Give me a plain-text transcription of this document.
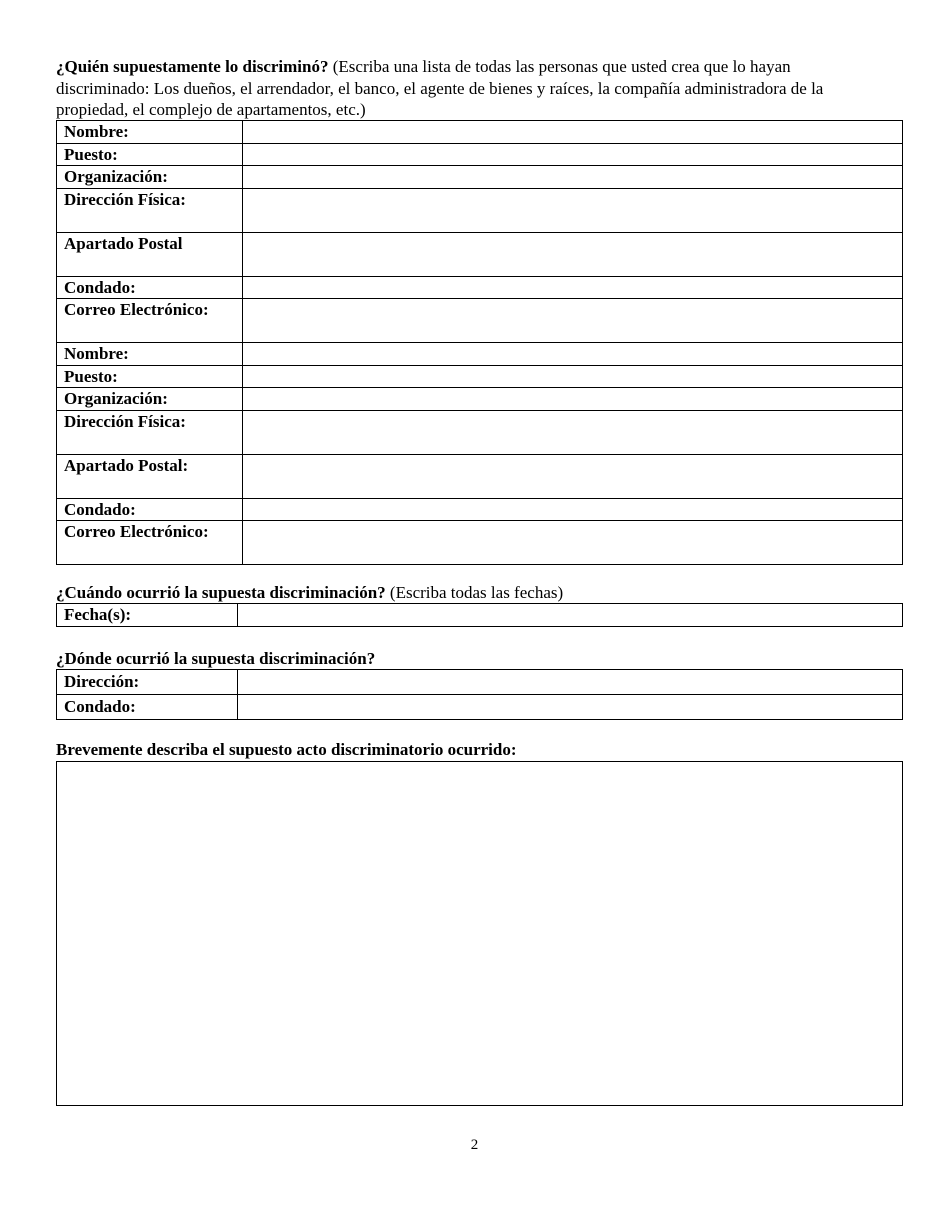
¿Quién supuestamente lo discriminó? (Escriba una lista de todas las personas que usted crea que lo hayan discriminado: Los dueños, el arrendador, el banco, el agente de bienes y raíces, la compañía administradora de la propiedad, el complejo de apartamentos, etc.)

Nombre:	
Puesto:	
Organización:	
Dirección Física:	
Apartado Postal	
Condado:	
Correo Electrónico:	
Nombre:	
Puesto:	
Organización:	
Dirección Física:	
Apartado Postal:	
Condado:	
Correo Electrónico:	

¿Cuándo ocurrió la supuesta discriminación? (Escriba todas las fechas)

Fecha(s):	

¿Dónde ocurrió la supuesta discriminación?

Dirección:	
Condado:	

Brevemente describa el supuesto acto discriminatorio ocurrido:

2
